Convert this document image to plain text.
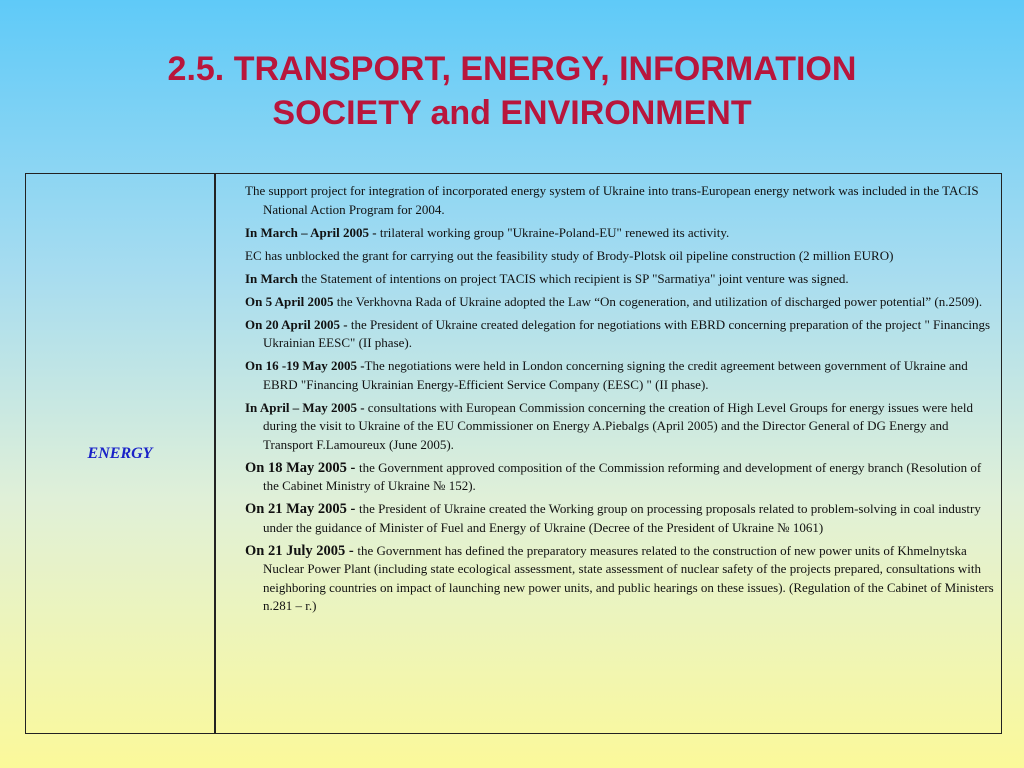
2.5. TRANSPORT, ENERGY, INFORMATION
SOCIETY and ENVIRONMENT
ENERGY

The support project for integration of incorporated energy system of Ukraine into trans-European energy network was included in the TACIS National Action Program for 2004.

In March – April 2005 - trilateral working group "Ukraine-Poland-EU" renewed its activity.

EC has unblocked the grant for carrying out the feasibility study of Brody-Plotsk oil pipeline construction (2 million EURO)

In March the Statement of intentions on project TACIS which recipient is SP "Sarmatiya" joint venture was signed.

On 5 April 2005 the Verkhovna Rada of Ukraine adopted the Law “On cogeneration, and utilization of discharged power potential” (n.2509).

On 20 April 2005 - the President of Ukraine created delegation for negotiations with EBRD concerning preparation of the project " Financings Ukrainian EESC" (II phase).

On 16 -19 May 2005 -The negotiations were held in London concerning signing the credit agreement between government of Ukraine and EBRD "Financing Ukrainian Energy-Efficient Service Company (EESC) " (II phase).

In April – May 2005 - consultations with European Commission concerning the creation of High Level Groups for energy issues were held during the visit to Ukraine of the EU Commissioner on Energy A.Piebalgs (April 2005) and the Director General of DG Energy and Transport F.Lamoureux (June 2005).

On 18 May 2005 - the Government approved composition of the Commission reforming and development of energy branch (Resolution of the Cabinet Ministry of Ukraine № 152).

On 21 May 2005 - the President of Ukraine created the Working group on processing proposals related to problem-solving in coal industry under the guidance of Minister of Fuel and Energy of Ukraine (Decree of the President of Ukraine № 1061)

On 21 July 2005 - the Government has defined the preparatory measures related to the construction of new power units of Khmelnytska Nuclear Power Plant (including state ecological assessment, state assessment of nuclear safety of the projects prepared, consultations with neighboring countries on impact of launching new power units, and public hearings on these issues). (Regulation of the Cabinet of Ministers n.281 – r.)
